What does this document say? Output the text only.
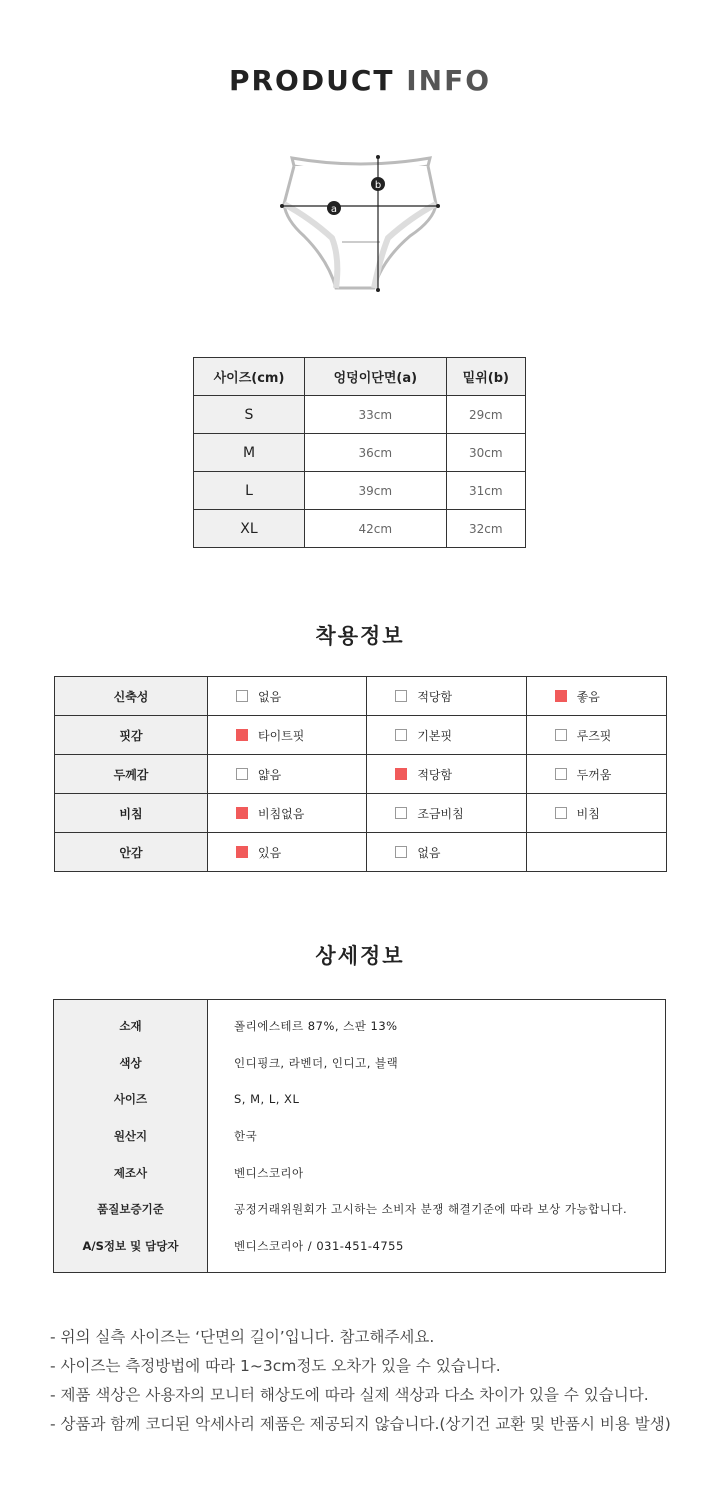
PRODUCT INFO
a
b
사이즈(cm)	엉덩이단면(a)	밑위(b)
S	33cm	29cm
M	36cm	30cm
L	39cm	31cm
XL	42cm	32cm
착용정보
신축성	없음	적당함	좋음
핏감	타이트핏	기본핏	루즈핏
두께감	얇음	적당함	두꺼움
비침	비침없음	조금비침	비침
안감	있음	없음	
상세정보
소재	폴리에스테르 87%, 스판 13%
색상	인디핑크, 라벤더, 인디고, 블랙
사이즈	S, M, L, XL
원산지	한국
제조사	벤디스코리아
품질보증기준	공정거래위원회가 고시하는 소비자 분쟁 해결기준에 따라 보상 가능합니다.
A/S정보 및 담당자	벤디스코리아 / 031-451-4755
- 위의 실측 사이즈는 ‘단면의 길이’입니다. 참고해주세요.
- 사이즈는 측정방법에 따라 1~3cm정도 오차가 있을 수 있습니다.
- 제품 색상은 사용자의 모니터 해상도에 따라 실제 색상과 다소 차이가 있을 수 있습니다.
- 상품과 함께 코디된 악세사리 제품은 제공되지 않습니다.(상기건 교환 및 반품시 비용 발생)
